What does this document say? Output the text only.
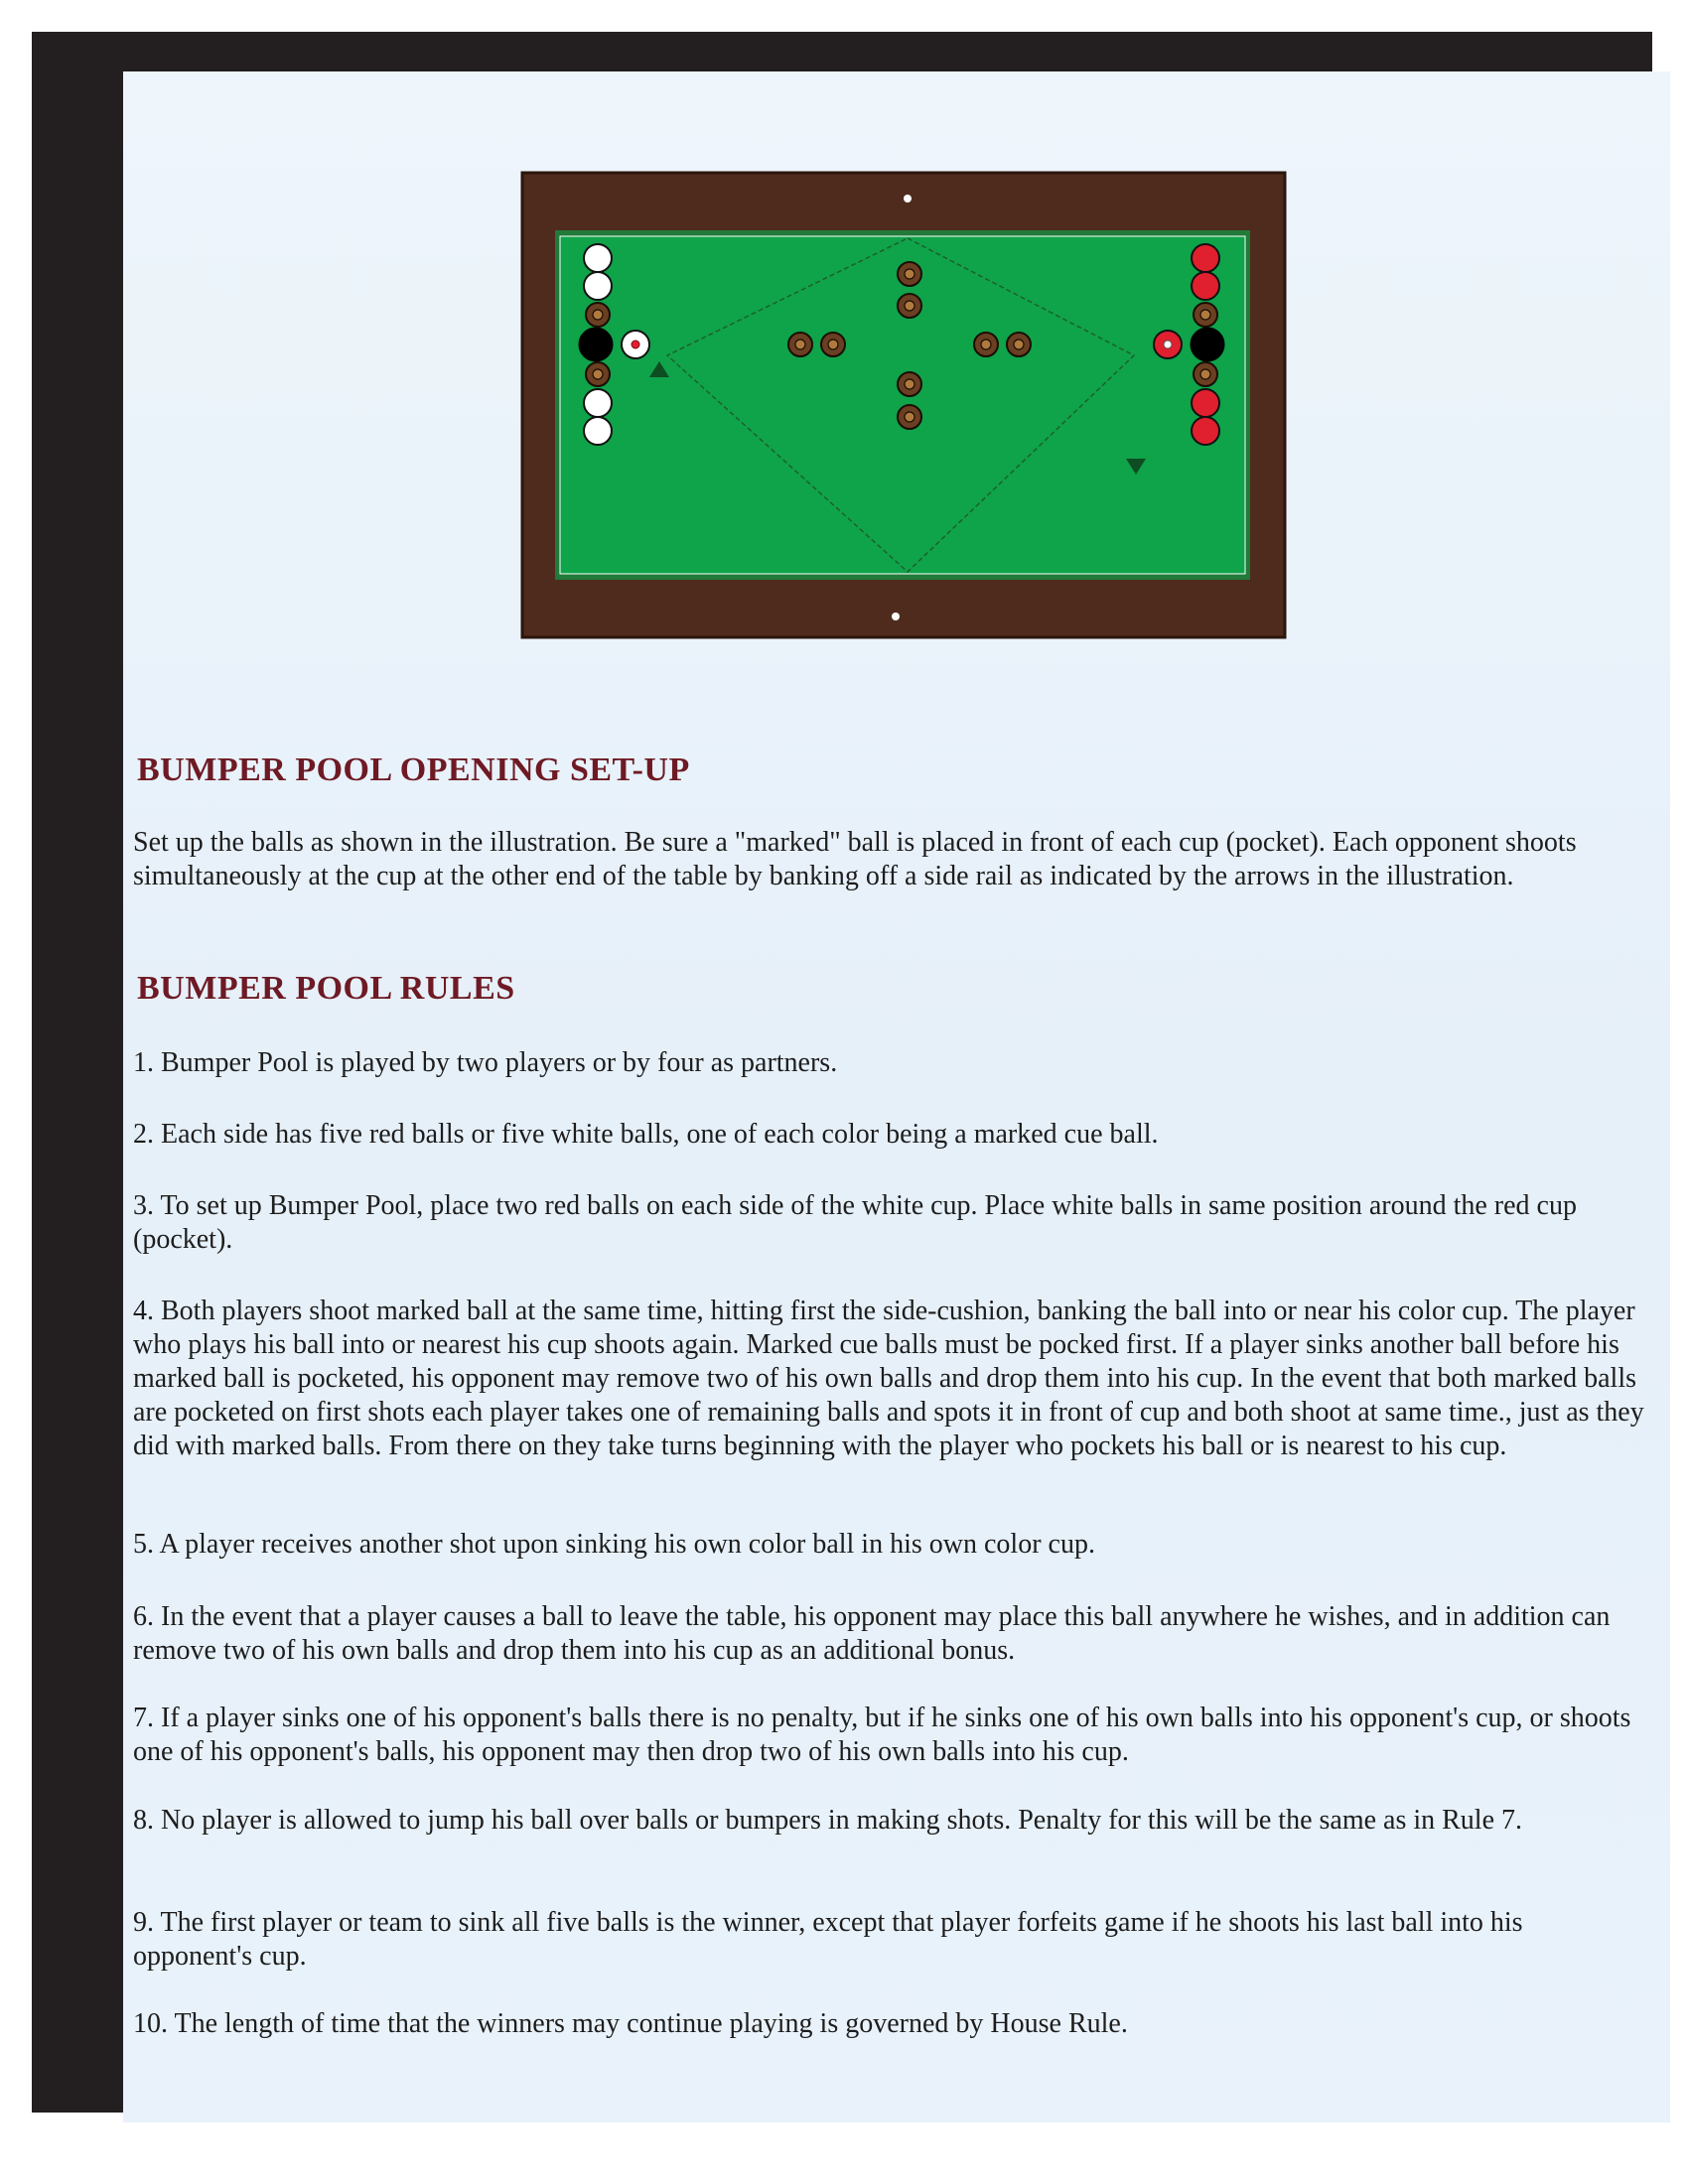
BUMPER POOL OPENING SET-UP

Set up the balls as shown in the illustration. Be sure a "marked" ball is placed in front of each cup (pocket). Each opponent shoots simultaneously at the cup at the other end of the table by banking off a side rail as indicated by the arrows in the illustration.

BUMPER POOL RULES

1. Bumper Pool is played by two players or by four as partners.

2. Each side has five red balls or five white balls, one of each color being a marked cue ball.

3. To set up Bumper Pool, place two red balls on each side of the white cup. Place white balls in same position around the red cup (pocket).

4. Both players shoot marked ball at the same time, hitting first the side-cushion, banking the ball into or near his color cup. The player who plays his ball into or nearest his cup shoots again. Marked cue balls must be pocked first. If a player sinks another ball before his marked ball is pocketed, his opponent may remove two of his own balls and drop them into his cup. In the event that both marked balls are pocketed on first shots each player takes one of remaining balls and spots it in front of cup and both shoot at same time., just as they did with marked balls. From there on they take turns beginning with the player who pockets his ball or is nearest to his cup.

5. A player receives another shot upon sinking his own color ball in his own color cup.

6. In the event that a player causes a ball to leave the table, his opponent may place this ball anywhere he wishes, and in addition can remove two of his own balls and drop them into his cup as an additional bonus.

7. If a player sinks one of his opponent's balls there is no penalty, but if he sinks one of his own balls into his opponent's cup, or shoots one of his opponent's balls, his opponent may then drop two of his own balls into his cup.

8. No player is allowed to jump his ball over balls or bumpers in making shots. Penalty for this will be the same as in Rule 7.

9. The first player or team to sink all five balls is the winner, except that player forfeits game if he shoots his last ball into his opponent's cup.

10. The length of time that the winners may continue playing is governed by House Rule.
